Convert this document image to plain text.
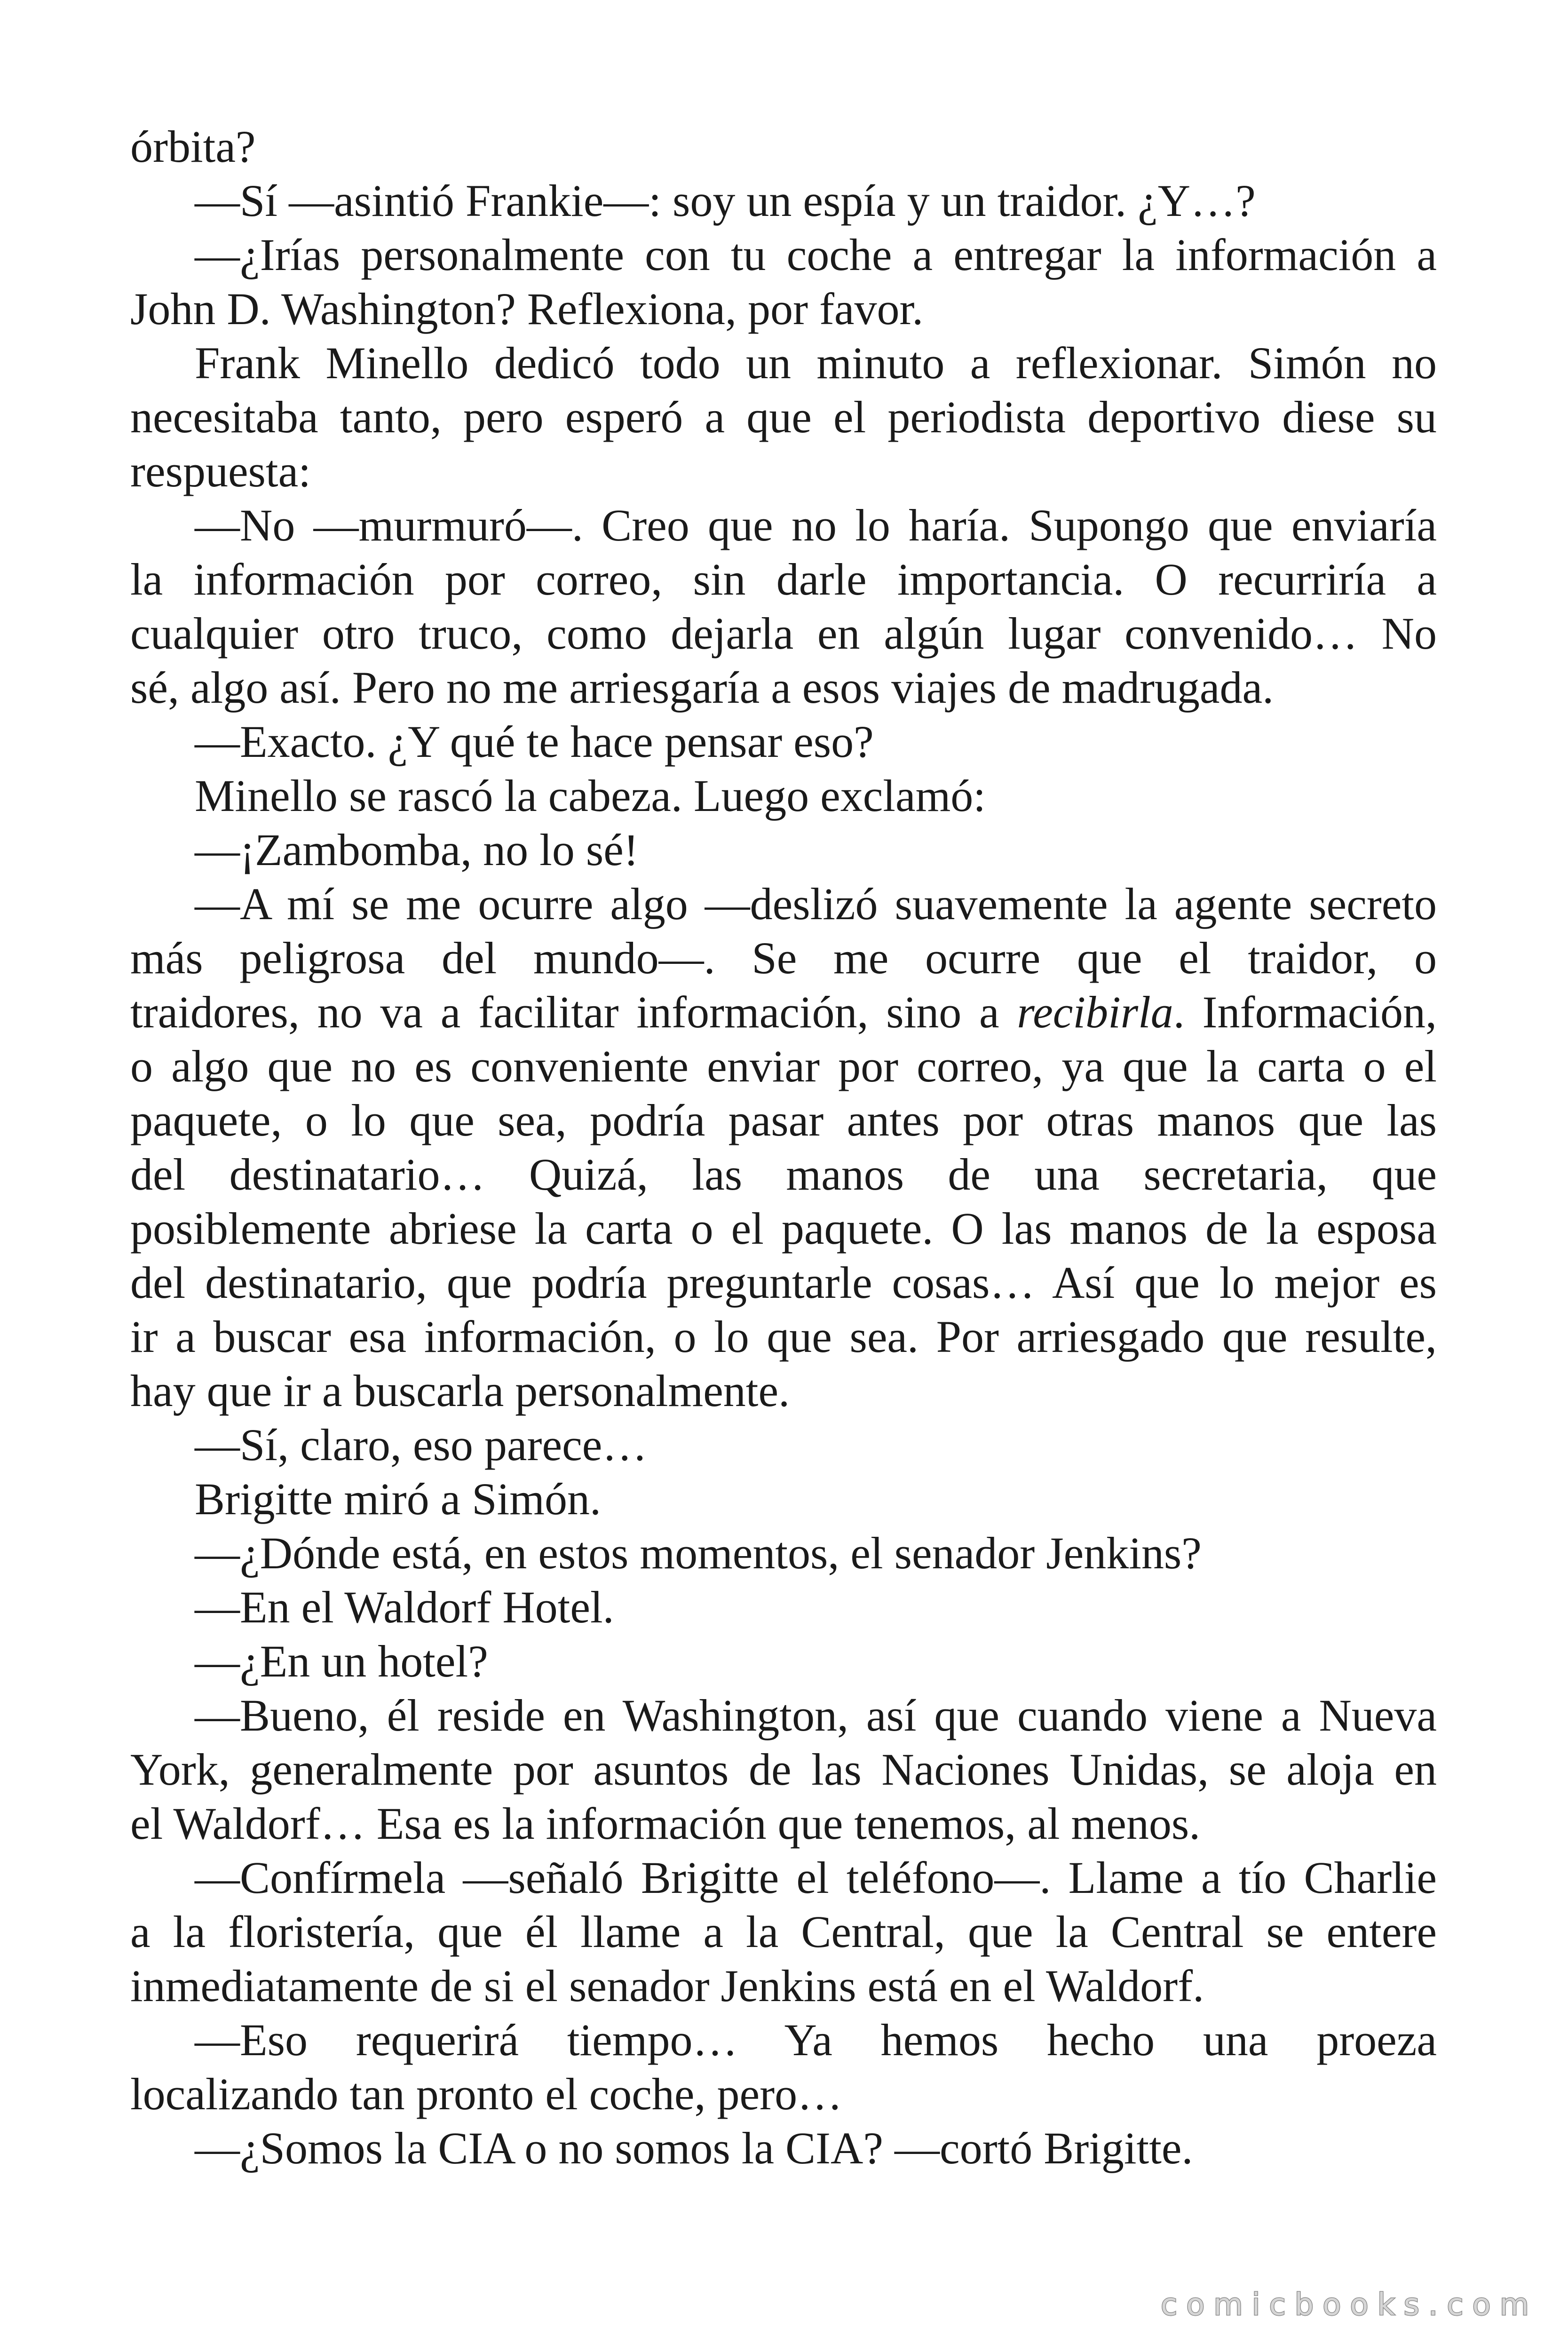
órbita?
—Sí —asintió Frankie—: soy un espía y un traidor. ¿Y…?
—¿Irías personalmente con tu coche a entregar la información a
John D. Washington? Reflexiona, por favor.
Frank Minello dedicó todo un minuto a reflexionar. Simón no
necesitaba tanto, pero esperó a que el periodista deportivo diese su
respuesta:
—No —murmuró—. Creo que no lo haría. Supongo que enviaría
la información por correo, sin darle importancia. O recurriría a
cualquier otro truco, como dejarla en algún lugar convenido… No
sé, algo así. Pero no me arriesgaría a esos viajes de madrugada.
—Exacto. ¿Y qué te hace pensar eso?
Minello se rascó la cabeza. Luego exclamó:
—¡Zambomba, no lo sé!
—A mí se me ocurre algo —deslizó suavemente la agente secreto
más peligrosa del mundo—. Se me ocurre que el traidor, o
traidores, no va a facilitar información, sino a recibirla. Información,
o algo que no es conveniente enviar por correo, ya que la carta o el
paquete, o lo que sea, podría pasar antes por otras manos que las
del destinatario… Quizá, las manos de una secretaria, que
posiblemente abriese la carta o el paquete. O las manos de la esposa
del destinatario, que podría preguntarle cosas… Así que lo mejor es
ir a buscar esa información, o lo que sea. Por arriesgado que resulte,
hay que ir a buscarla personalmente.
—Sí, claro, eso parece…
Brigitte miró a Simón.
—¿Dónde está, en estos momentos, el senador Jenkins?
—En el Waldorf Hotel.
—¿En un hotel?
—Bueno, él reside en Washington, así que cuando viene a Nueva
York, generalmente por asuntos de las Naciones Unidas, se aloja en
el Waldorf… Esa es la información que tenemos, al menos.
—Confírmela —señaló Brigitte el teléfono—. Llame a tío Charlie
a la floristería, que él llame a la Central, que la Central se entere
inmediatamente de si el senador Jenkins está en el Waldorf.
—Eso requerirá tiempo… Ya hemos hecho una proeza
localizando tan pronto el coche, pero…
—¿Somos la CIA o no somos la CIA? —cortó Brigitte.
comicbooks.com
